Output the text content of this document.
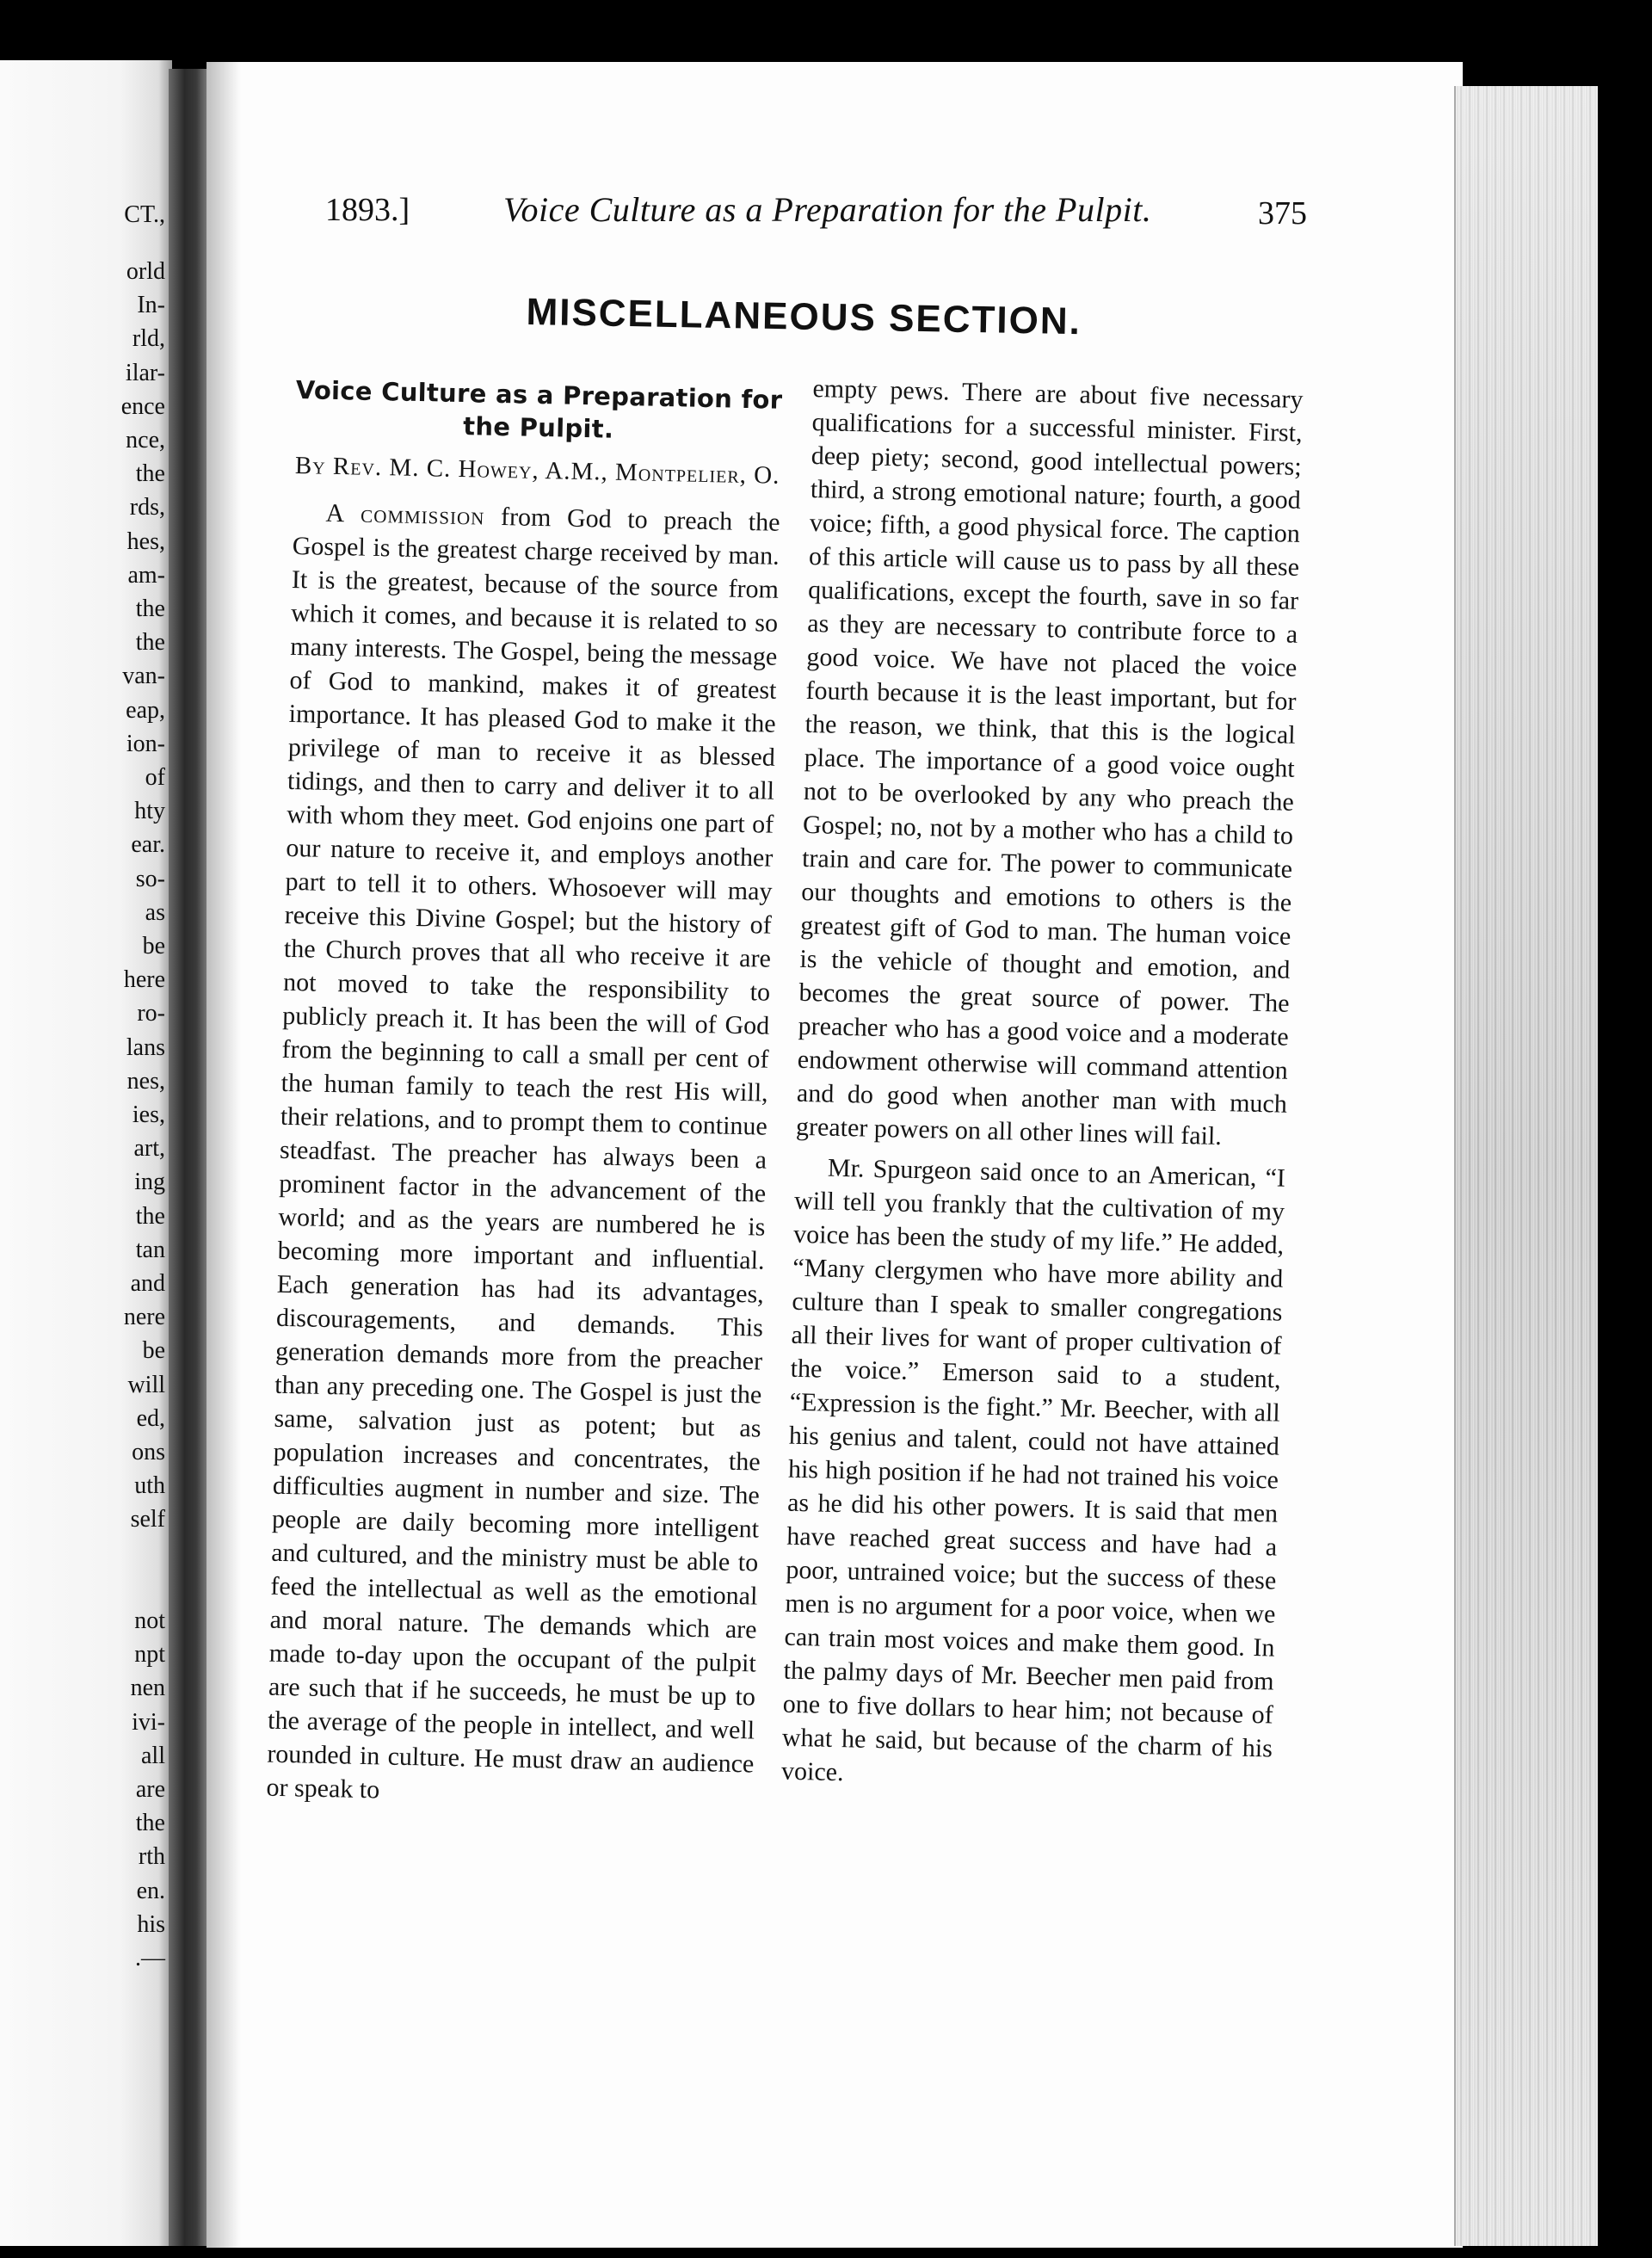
CT.,
orld
In-
rld,
ilar-
ence
nce,
the
rds,
hes,
am-
the
the
van-
eap,
ion-
of
hty
ear.
so-
as
be
here
ro-
lans
nes,
ies,
art,
ing
the
tan
and
nere
be
will
ed,
ons
uth
self
not
npt
nen
ivi-
all
are
the
rth
en.
his
.—
1893.]	Voice Culture as a Preparation for the Pulpit.	375
MISCELLANEOUS SECTION.
Voice Culture as a Preparation for the Pulpit.
By Rev. M. C. Howey, A.M., Montpelier, O.

A commission from God to preach the Gospel is the greatest charge received by man. It is the greatest, because of the source from which it comes, and because it is related to so many interests. The Gospel, being the message of God to mankind, makes it of greatest importance. It has pleased God to make it the privilege of man to receive it as blessed tidings, and then to carry and deliver it to all with whom they meet. God enjoins one part of our nature to receive it, and employs another part to tell it to others. Whosoever will may receive this Divine Gospel; but the history of the Church proves that all who receive it are not moved to take the responsibility to publicly preach it. It has been the will of God from the beginning to call a small per cent of the human family to teach the rest His will, their relations, and to prompt them to continue steadfast. The preacher has always been a prominent factor in the advancement of the world; and as the years are numbered he is becoming more important and influential. Each generation has had its advantages, discouragements, and demands. This generation demands more from the preacher than any preceding one. The Gospel is just the same, salvation just as potent; but as population increases and concentrates, the difficulties augment in number and size. The people are daily becoming more intelligent and cultured, and the ministry must be able to feed the intellectual as well as the emotional and moral nature. The demands which are made to-day upon the occupant of the pulpit are such that if he succeeds, he must be up to the average of the people in intellect, and well rounded in culture. He must draw an audience or speak to

empty pews. There are about five necessary qualifications for a successful minister. First, deep piety; second, good intellectual powers; third, a strong emotional nature; fourth, a good voice; fifth, a good physical force. The caption of this article will cause us to pass by all these qualifications, except the fourth, save in so far as they are necessary to contribute force to a good voice. We have not placed the voice fourth because it is the least important, but for the reason, we think, that this is the logical place. The importance of a good voice ought not to be overlooked by any who preach the Gospel; no, not by a mother who has a child to train and care for. The power to communicate our thoughts and emotions to others is the greatest gift of God to man. The human voice is the vehicle of thought and emotion, and becomes the great source of power. The preacher who has a good voice and a moderate endowment otherwise will command attention and do good when another man with much greater powers on all other lines will fail.

Mr. Spurgeon said once to an American, “I will tell you frankly that the cultivation of my voice has been the study of my life.” He added, “Many clergymen who have more ability and culture than I speak to smaller congregations all their lives for want of proper cultivation of the voice.” Emerson said to a student, “Expression is the fight.” Mr. Beecher, with all his genius and talent, could not have attained his high position if he had not trained his voice as he did his other powers. It is said that men have reached great success and have had a poor, untrained voice; but the success of these men is no argument for a poor voice, when we can train most voices and make them good. In the palmy days of Mr. Beecher men paid from one to five dollars to hear him; not because of what he said, but because of the charm of his voice.
